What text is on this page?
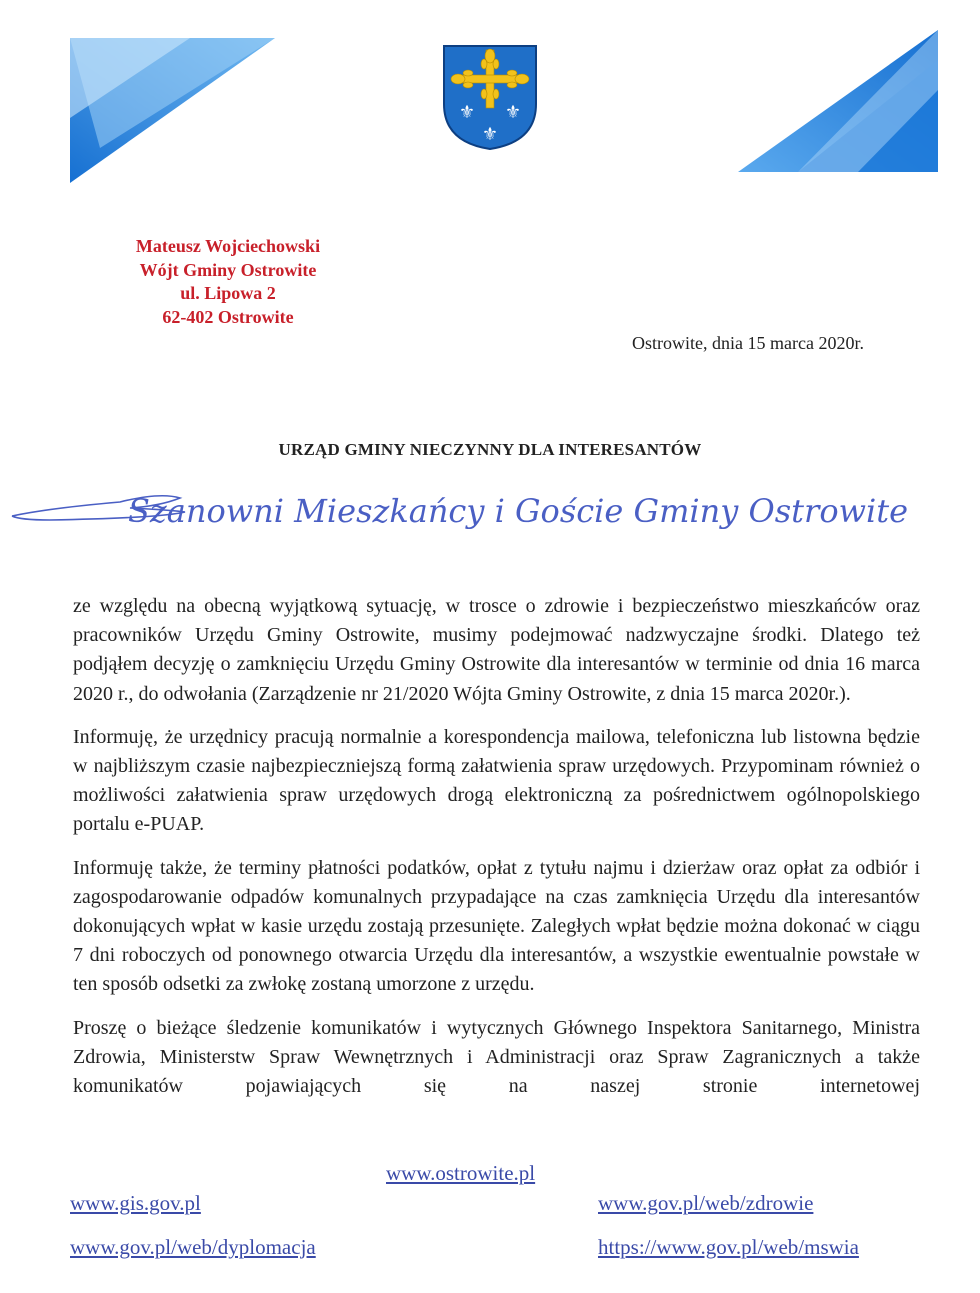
⚜ ⚜
⚜
Mateusz Wojciechowski
Wójt Gminy Ostrowite
ul. Lipowa 2
62-402 Ostrowite
Ostrowite, dnia 15 marca 2020r.
URZĄD GMINY NIECZYNNY DLA INTERESANTÓW
Szanowni Mieszkańcy i Goście Gminy Ostrowite

ze względu na obecną wyjątkową sytuację, w trosce o zdrowie i bezpieczeństwo mieszkańców oraz pracowników Urzędu Gminy Ostrowite, musimy podejmować nadzwyczajne środki. Dlatego też podjąłem decyzję o zamknięciu Urzędu Gminy Ostrowite dla interesantów w terminie od dnia 16 marca 2020 r., do odwołania (Zarządzenie nr 21/2020 Wójta Gminy Ostrowite, z dnia 15 marca 2020r.).

Informuję, że urzędnicy pracują normalnie a korespondencja mailowa, telefoniczna lub listowna będzie w najbliższym czasie najbezpieczniejszą formą załatwienia spraw urzędowych. Przypominam również o możliwości załatwienia spraw urzędowych drogą elektroniczną za pośrednictwem ogólnopolskiego portalu e-PUAP.

Informuję także, że terminy płatności podatków, opłat z tytułu najmu i dzierżaw oraz opłat za odbiór i zagospodarowanie odpadów komunalnych przypadające na czas zamknięcia Urzędu dla interesantów dokonujących wpłat w kasie urzędu zostają przesunięte. Zaległych wpłat będzie można dokonać w ciągu 7 dni roboczych od ponownego otwarcia Urzędu dla interesantów, a wszystkie ewentualnie powstałe w ten sposób odsetki za zwłokę zostaną umorzone z urzędu.

Proszę o bieżące śledzenie komunikatów i wytycznych Głównego Inspektora Sanitarnego, Ministra Zdrowia, Ministerstw Spraw Wewnętrznych i Administracji oraz Spraw Zagranicznych a także komunikatów pojawiających się na naszej stronie internetowej

www.ostrowite.pl
www.gis.gov.pl	www.gov.pl/web/zdrowie
www.gov.pl/web/dyplomacja	https://www.gov.pl/web/mswia
